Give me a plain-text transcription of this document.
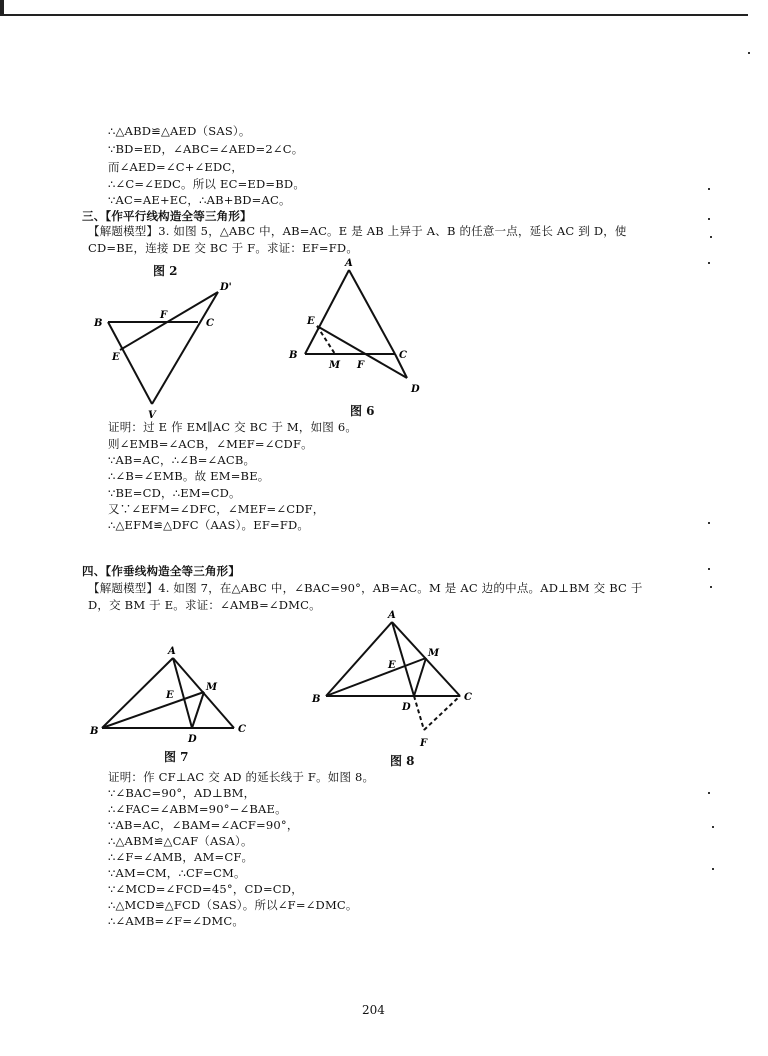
∴△ABD≌△AED（SAS）。
∵BD=ED，∠ABC=∠AED=2∠C。
而∠AED=∠C+∠EDC，
∴∠C=∠EDC。所以 EC=ED=BD。
∵AC=AE+EC，∴AB+BD=AC。
三、【作平行线构造全等三角形】
【解题模型】3. 如图 5，△ABC 中，AB=AC。E 是 AB 上异于 A、B 的任意一点，延长 AC 到 D，使 CD=BE，连接 DE 交 BC 于 F。求证：EF=FD。
图 2
B	C
D'
E
F
V
A
E
B	C
M F
D
图 6
证明：过 E 作 EM∥AC 交 BC 于 M，如图 6。
则∠EMB=∠ACB，∠MEF=∠CDF。
∵AB=AC，∴∠B=∠ACB。
∴∠B=∠EMB。故 EM=BE。
∵BE=CD，∴EM=CD。
又∵∠EFM=∠DFC，∠MEF=∠CDF，
∴△EFM≌△DFC（AAS）。EF=FD。
四、【作垂线构造全等三角形】
【解题模型】4. 如图 7，在△ABC 中，∠BAC=90°，AB=AC。M 是 AC 边的中点。AD⊥BM 交 BC 于 D，交 BM 于 E。求证：∠AMB=∠DMC。
A
B	C
E
M
D
图 7
A
B	C
E
M
D
F
图 8
证明：作 CF⊥AC 交 AD 的延长线于 F。如图 8。
∵∠BAC=90°，AD⊥BM，
∴∠FAC=∠ABM=90°−∠BAE。
∵AB=AC，∠BAM=∠ACF=90°，
∴△ABM≌△CAF（ASA）。
∴∠F=∠AMB，AM=CF。
∵AM=CM，∴CF=CM。
∵∠MCD=∠FCD=45°，CD=CD，
∴△MCD≌△FCD（SAS）。所以∠F=∠DMC。
∴∠AMB=∠F=∠DMC。
204
